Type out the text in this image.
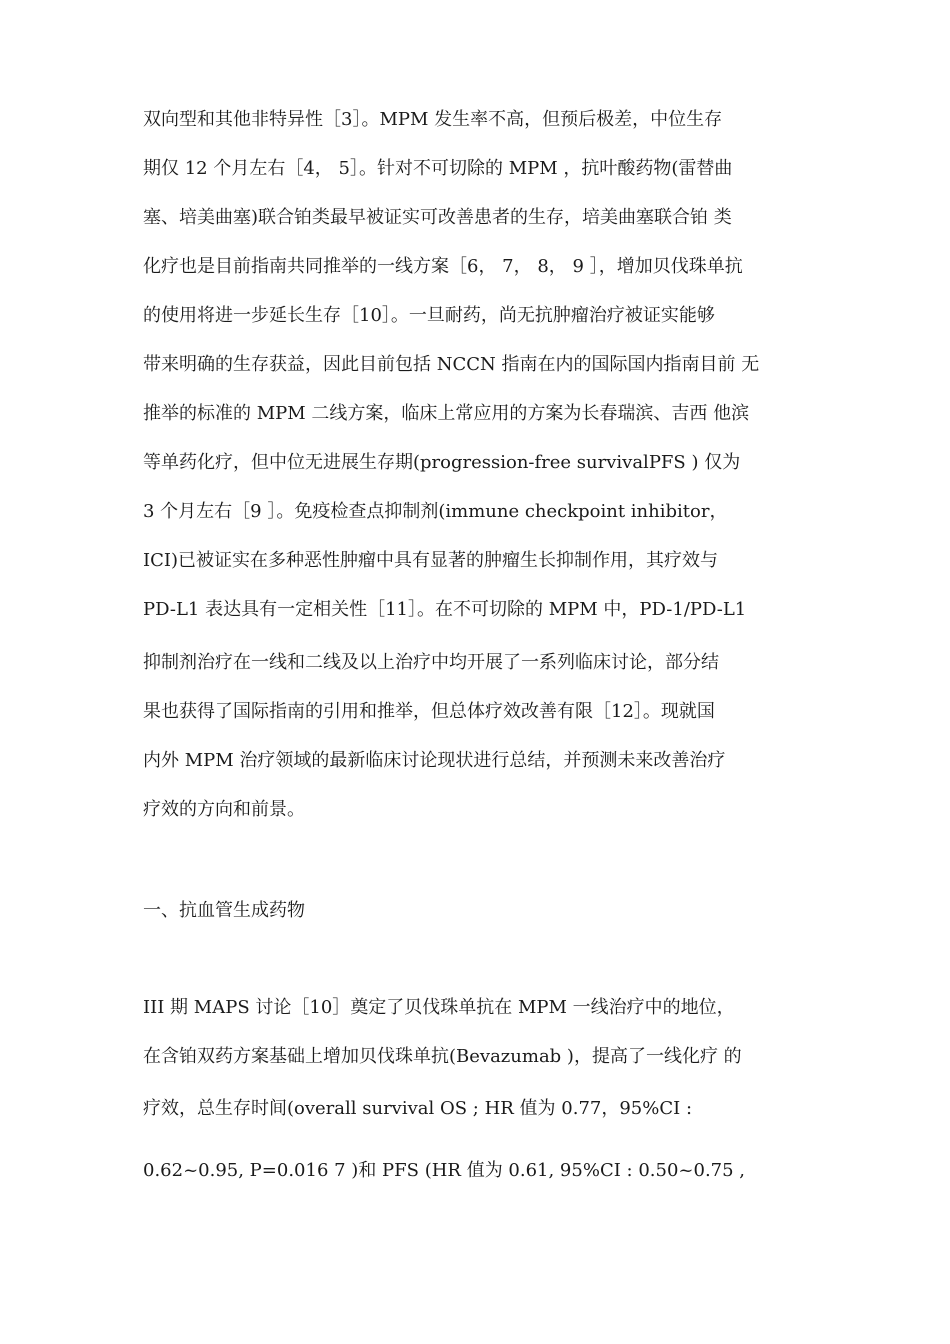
双向型和其他非特异性［3］。MPM 发生率不高，但预后极差，中位生存
期仅 12 个月左右［4， 5］。针对不可切除的 MPM ，抗叶酸药物(雷替曲
塞、培美曲塞)联合铂类最早被证实可改善患者的生存，培美曲塞联合铂 类
化疗也是目前指南共同推举的一线方案［6， 7， 8， 9 ］，增加贝伐珠单抗
的使用将进一步延长生存［10］。一旦耐药，尚无抗肿瘤治疗被证实能够
带来明确的生存获益，因此目前包括 NCCN 指南在内的国际国内指南目前 无
推举的标准的 MPM 二线方案，临床上常应用的方案为长春瑞滨、吉西 他滨
等单药化疗，但中位无进展生存期(progression-free survivalPFS ) 仅为
3 个月左右［9 ］。免疫检查点抑制剂(immune checkpoint inhibitor，
ICI)已被证实在多种恶性肿瘤中具有显著的肿瘤生长抑制作用，其疗效与
PD-L1 表达具有一定相关性［11］。在不可切除的 MPM 中，PD-1/PD-L1
抑制剂治疗在一线和二线及以上治疗中均开展了一系列临床讨论，部分结
果也获得了国际指南的引用和推举，但总体疗效改善有限［12］。现就国
内外 MPM 治疗领域的最新临床讨论现状进行总结，并预测未来改善治疗
疗效的方向和前景。
一、抗血管生成药物
III 期 MAPS 讨论［10］奠定了贝伐珠单抗在 MPM 一线治疗中的地位，
在含铂双药方案基础上增加贝伐珠单抗(Bevazumab )，提高了一线化疗 的
疗效，总生存时间(overall survival OS ; HR 值为 0.77，95%CI :
0.62~0.95, P=0.016 7 )和 PFS (HR 值为 0.61, 95%CI : 0.50~0.75 ,
